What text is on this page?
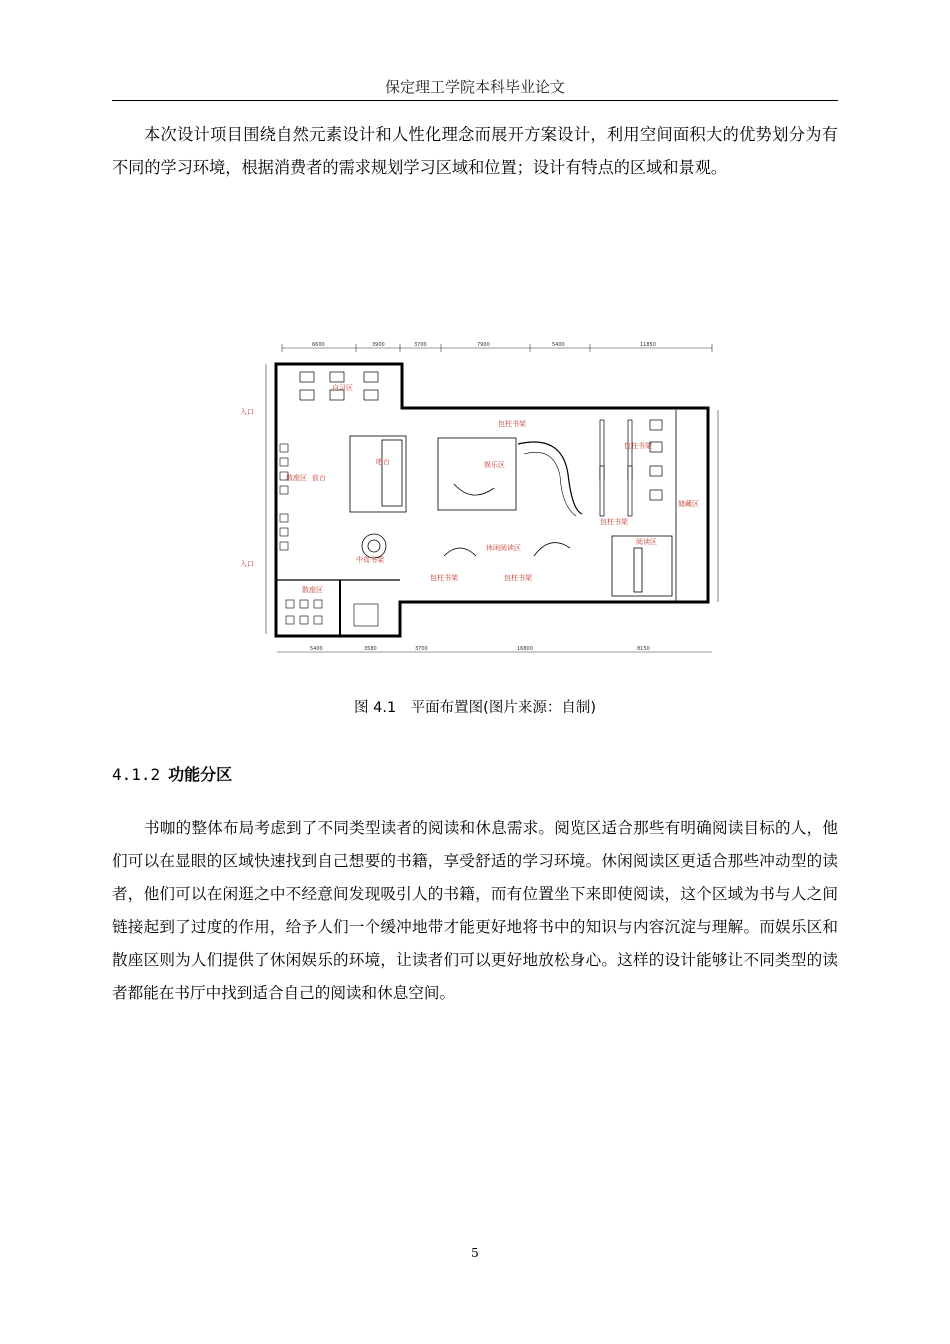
保定理工学院本科毕业论文

本次设计项目围绕自然元素设计和人性化理念而展开方案设计，利用空间面积大的优势划分为有不同的学习环境，根据消费者的需求规划学习区域和位置；设计有特点的区域和景观。

6600	3900	3700	7900	5400	11850
5400	3580	3700	16800	8150
自习区
散座区 前台
吧台
中岛书架
娱乐区
包柱书架
包柱书架
包柱书架
储藏区
休闲阅读区
包柱书架	包柱书架
阅读区
散座区
入口
入口
图 4.1　平面布置图(图片来源：自制)
4.1.2 功能分区

书咖的整体布局考虑到了不同类型读者的阅读和休息需求。阅览区适合那些有明确阅读目标的人，他们可以在显眼的区域快速找到自己想要的书籍，享受舒适的学习环境。休闲阅读区更适合那些冲动型的读者，他们可以在闲逛之中不经意间发现吸引人的书籍，而有位置坐下来即使阅读，这个区域为书与人之间链接起到了过度的作用，给予人们一个缓冲地带才能更好地将书中的知识与内容沉淀与理解。而娱乐区和散座区则为人们提供了休闲娱乐的环境，让读者们可以更好地放松身心。这样的设计能够让不同类型的读者都能在书厅中找到适合自己的阅读和休息空间。

5
